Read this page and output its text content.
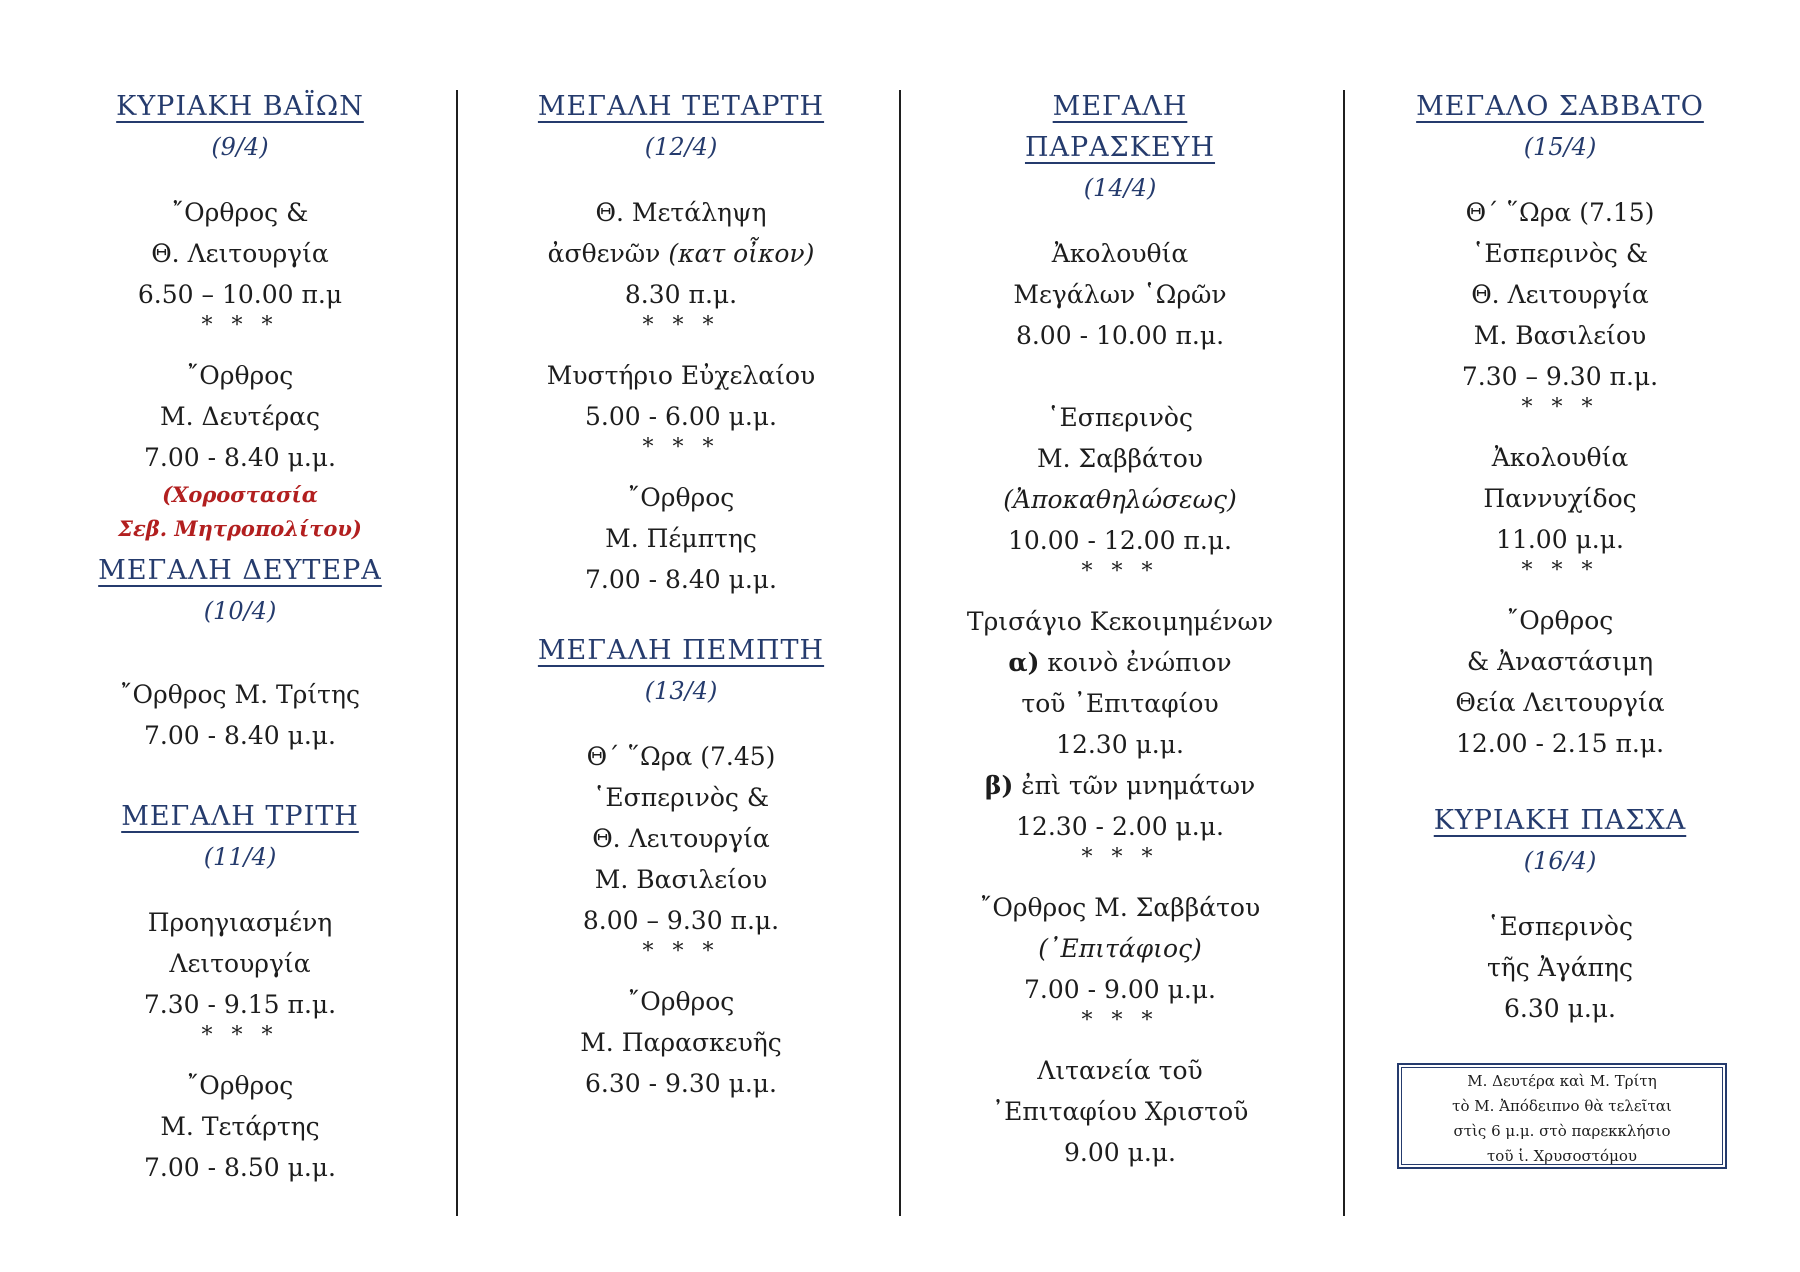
ΚΥΡΙΑΚΗ ΒΑΪΩΝ
(9/4)
῎Ορθρος &
Θ. Λειτουργία
6.50 – 10.00 π.μ
* * *
῎Ορθρος
Μ. Δευτέρας
7.00 - 8.40 μ.μ.
(Χοροστασία
Σεβ. Μητροπολίτου)
ΜΕΓΑΛΗ ΔΕΥΤΕΡΑ
(10/4)
῎Ορθρος Μ. Τρίτης
7.00 - 8.40 μ.μ.
ΜΕΓΑΛΗ ΤΡΙΤΗ
(11/4)
Προηγιασμένη
Λειτουργία
7.30 - 9.15 π.μ.
* * *
῎Ορθρος
Μ. Τετάρτης
7.00 - 8.50 μ.μ.
ΜΕΓΑΛΗ ΤΕΤΑΡΤΗ
(12/4)
Θ. Μετάληψη
ἀσθενῶν (κατ οἶκον)
8.30 π.μ.
* * *
Μυστήριο Εὐχελαίου
5.00 - 6.00 μ.μ.
* * *
῎Ορθρος
Μ. Πέμπτης
7.00 - 8.40 μ.μ.
ΜΕΓΑΛΗ ΠΕΜΠΤΗ
(13/4)
Θ΄ ῞Ωρα (7.45)
῾Εσπερινὸς &
Θ. Λειτουργία
Μ. Βασιλείου
8.00 – 9.30 π.μ.
* * *
῎Ορθρος
Μ. Παρασκευῆς
6.30 - 9.30 μ.μ.
ΜΕΓΑΛΗ
ΠΑΡΑΣΚΕΥΗ
(14/4)
Ἀκολουθία
Μεγάλων ῾Ωρῶν
8.00 - 10.00 π.μ.
῾Εσπερινὸς
Μ. Σαββάτου
(Ἀποκαθηλώσεως)
10.00 - 12.00 π.μ.
* * *
Τρισάγιο Κεκοιμημένων
α) κοινὸ ἐνώπιον
τοῦ ᾿Επιταφίου
12.30 μ.μ.
β) ἐπὶ τῶν μνημάτων
12.30 - 2.00 μ.μ.
* * *
῎Ορθρος Μ. Σαββάτου
(᾿Επιτάφιος)
7.00 - 9.00 μ.μ.
* * *
Λιτανεία τοῦ
᾿Επιταφίου Χριστοῦ
9.00 μ.μ.
ΜΕΓΑΛΟ ΣΑΒΒΑΤΟ
(15/4)
Θ΄ ῞Ωρα (7.15)
῾Εσπερινὸς &
Θ. Λειτουργία
Μ. Βασιλείου
7.30 – 9.30 π.μ.
* * *
Ἀκολουθία
Παννυχίδος
11.00 μ.μ.
* * *
῎Ορθρος
& Ἀναστάσιμη
Θεία Λειτουργία
12.00 - 2.15 π.μ.
ΚΥΡΙΑΚΗ ΠΑΣΧΑ
(16/4)
῾Εσπερινὸς
τῆς Ἀγάπης
6.30 μ.μ.
Μ. Δευτέρα καὶ Μ. Τρίτη
τὸ Μ. Ἀπόδειπνο θὰ τελεῖται
στὶς 6 μ.μ. στὸ παρεκκλήσιο
τοῦ ἱ. Χρυσοστόμου
